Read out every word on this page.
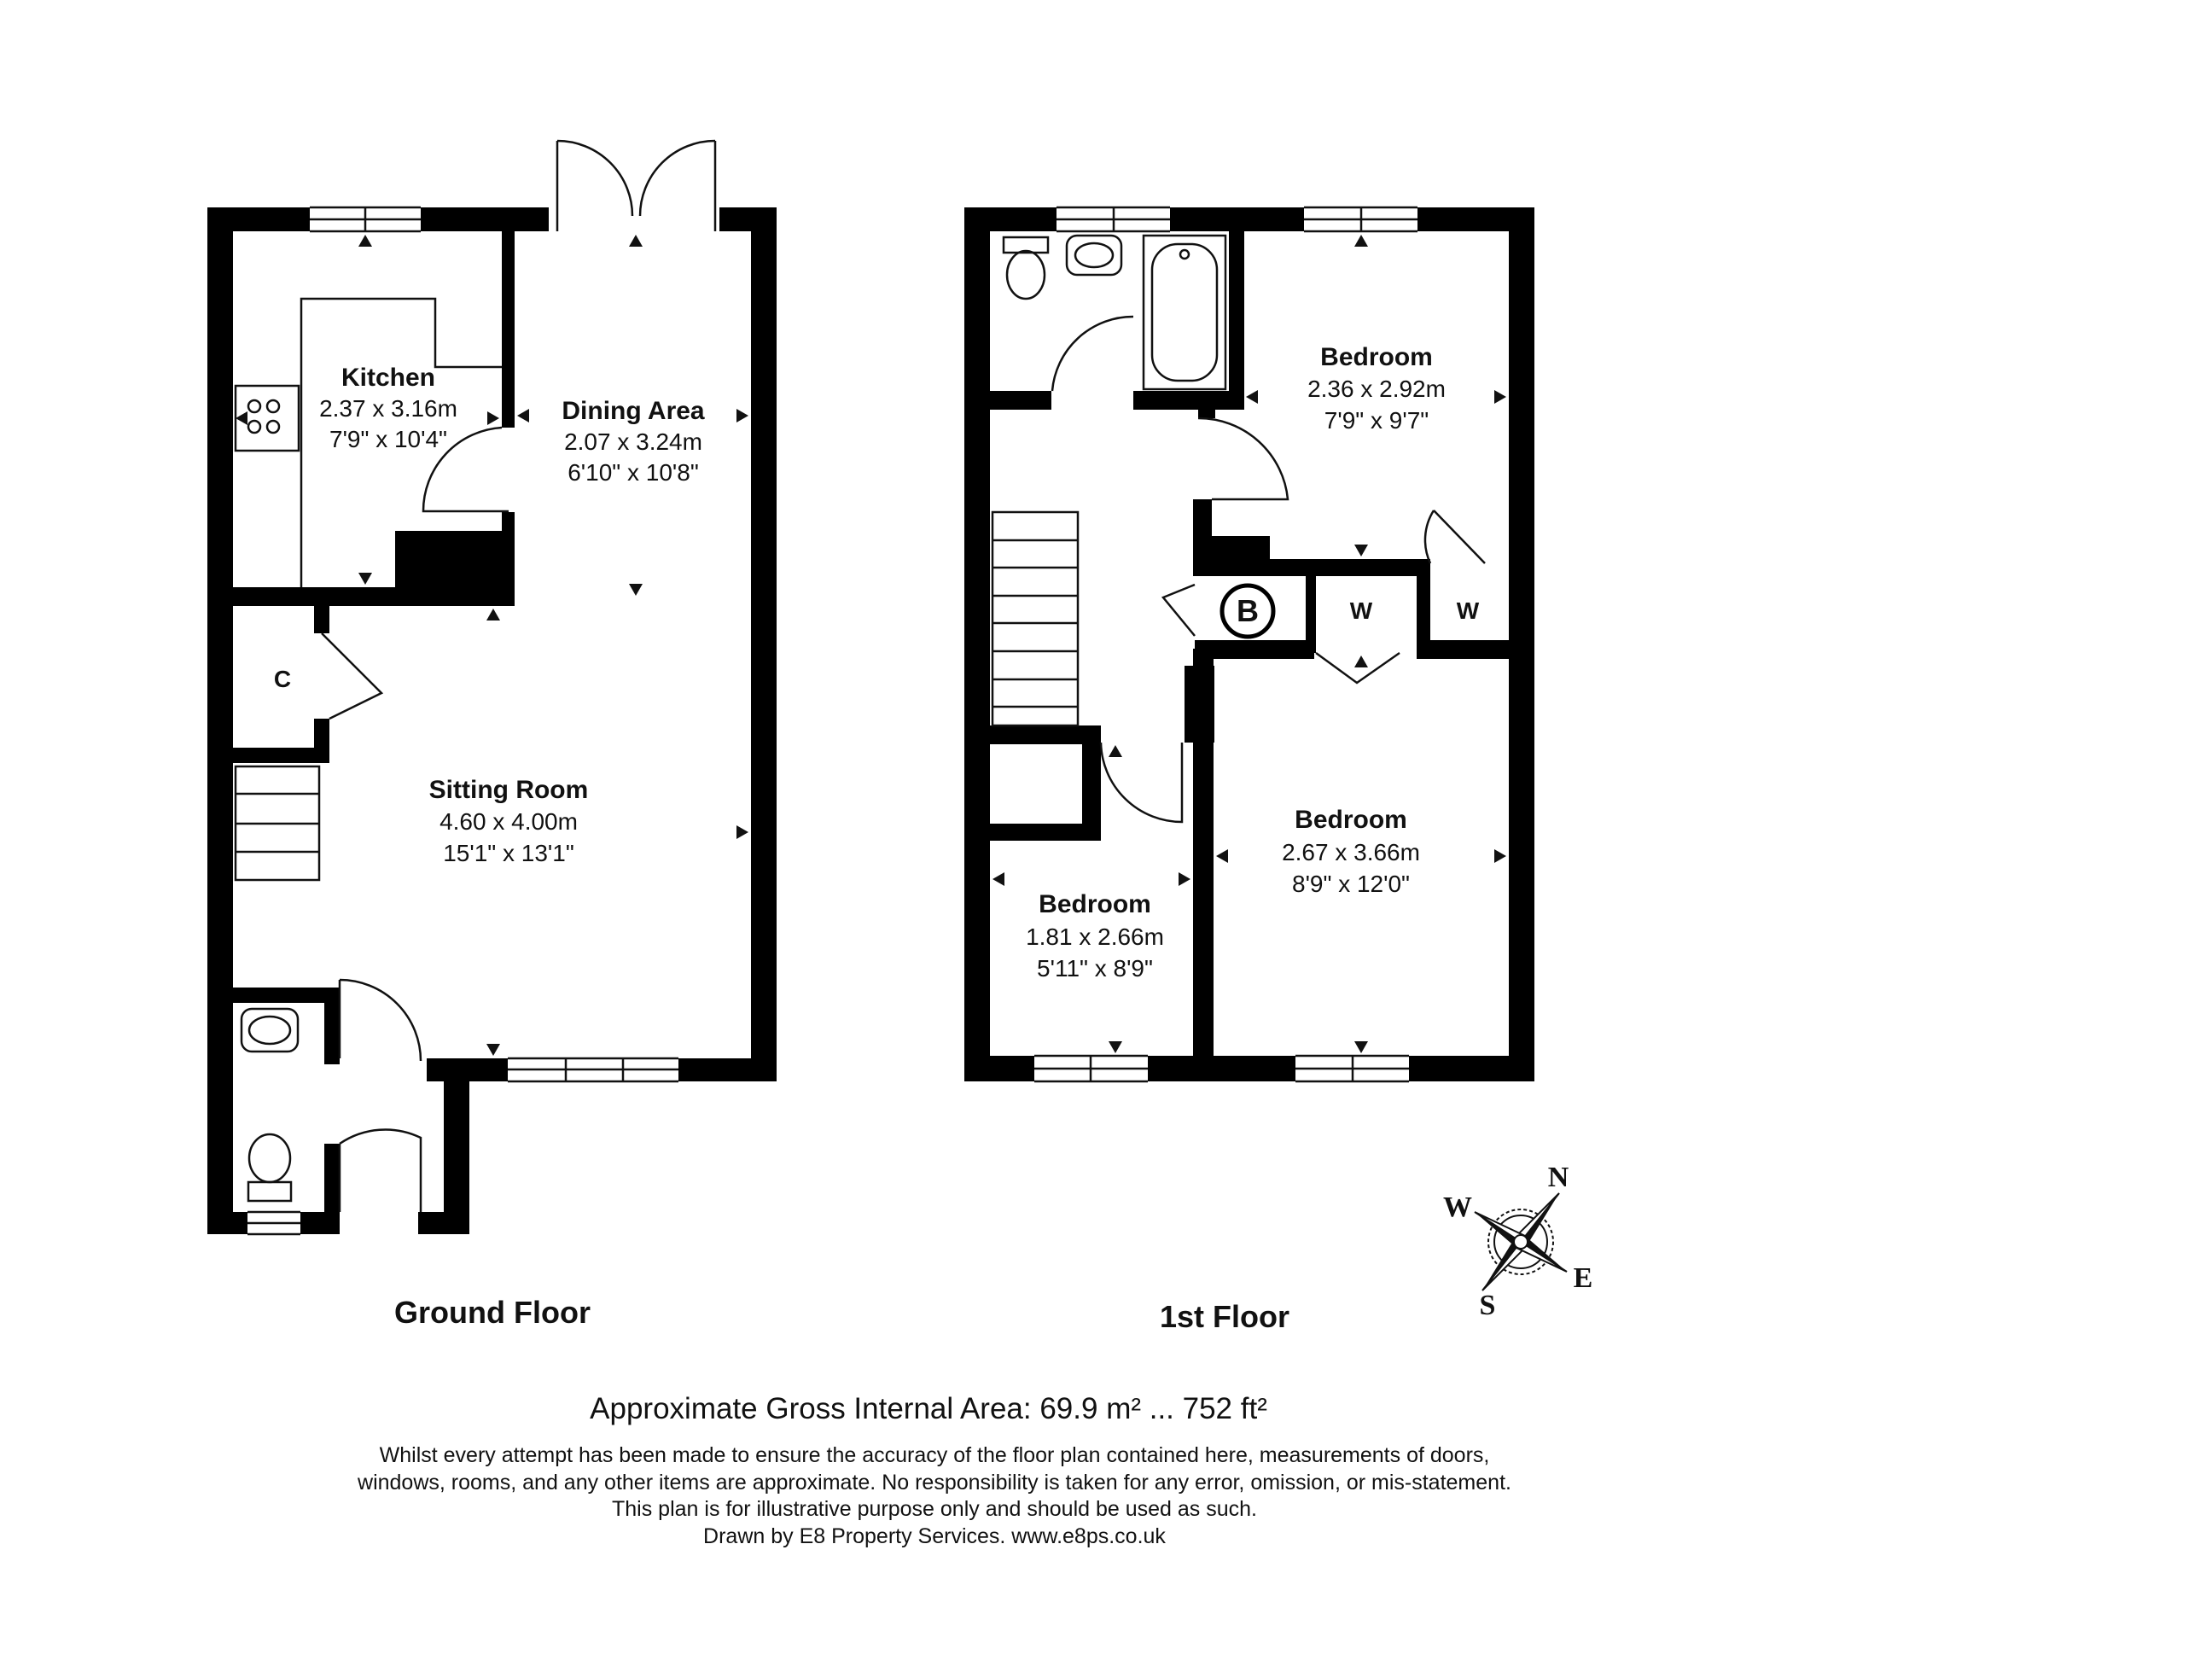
Kitchen
2.37 x 3.16m
7'9" x 10'4"
Dining Area
2.07 x 3.24m
6'10" x 10'8"
Sitting Room
4.60 x 4.00m
15'1" x 13'1"
C
B	W	W
Bedroom
2.36 x 2.92m
7'9" x 9'7"
Bedroom
2.67 x 3.66m
8'9" x 12'0"
Bedroom
1.81 x 2.66m
5'11" x 8'9"
Ground Floor	1st Floor
N
E
S
W
Approximate Gross Internal Area: 69.9 m² ... 752 ft²
Whilst every attempt has been made to ensure the accuracy of the floor plan contained here, measurements of doors,
windows, rooms, and any other items are approximate. No responsibility is taken for any error, omission, or mis-statement.
This plan is for illustrative purpose only and should be used as such.
Drawn by E8 Property Services. www.e8ps.co.uk
